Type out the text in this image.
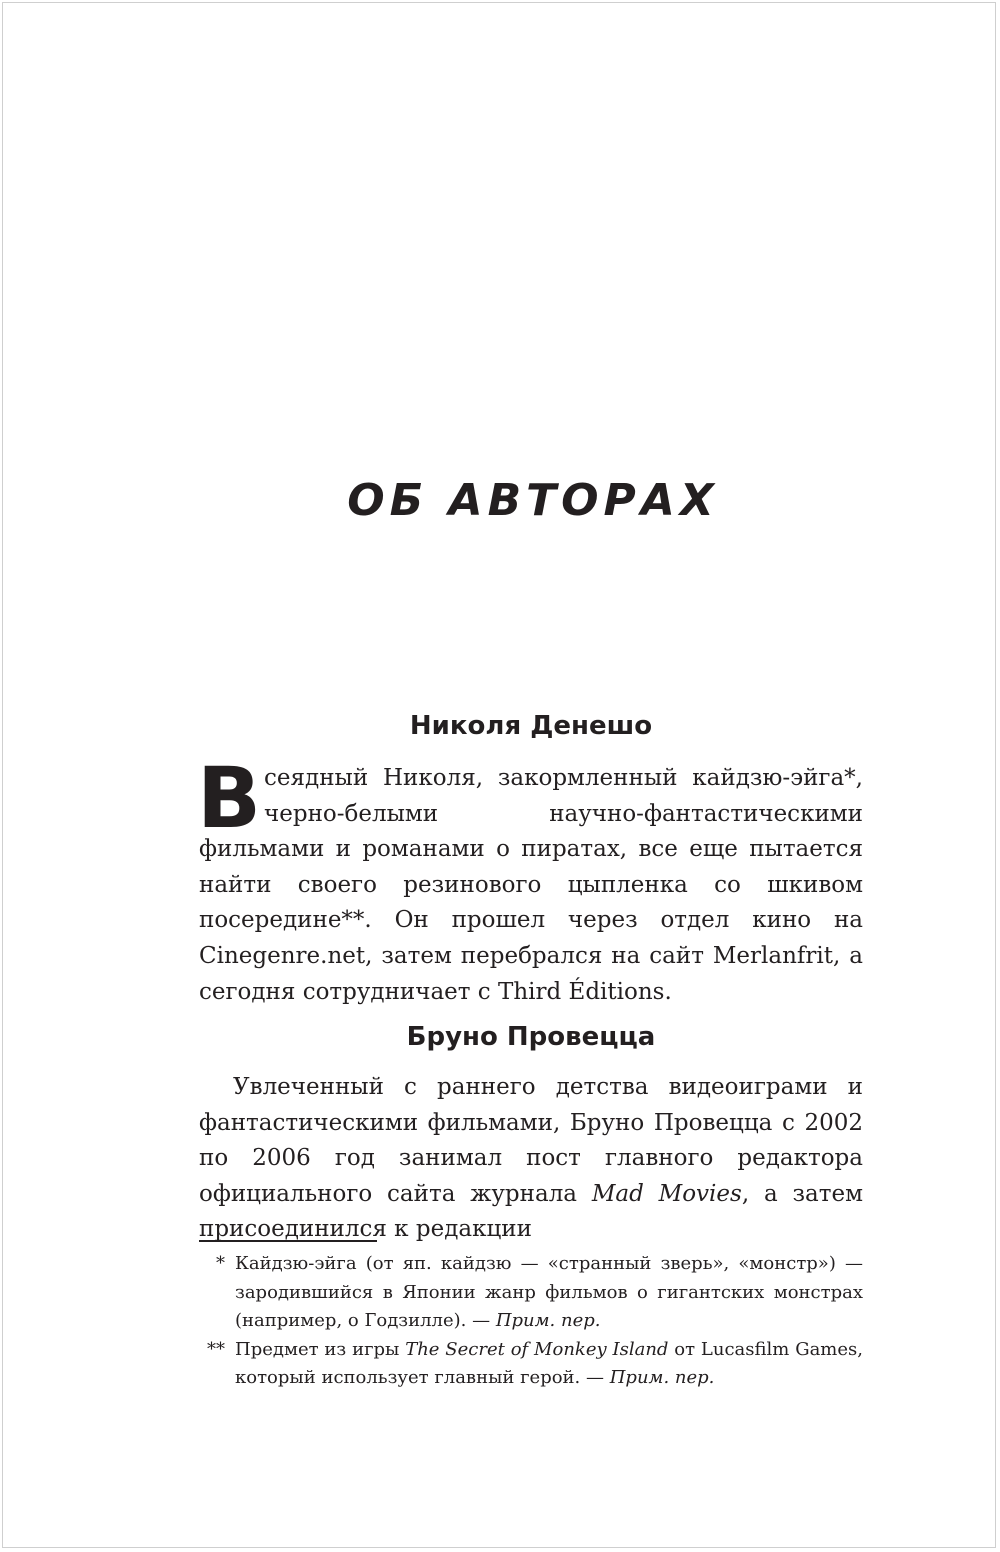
ОБ АВТОРАХ
Николя Денешо

Всеядный Николя, закормленный кайдзю-эйга*, черно-белыми научно-фантастическими фильмами и романами о пиратах, все еще пытается найти своего резинового цыпленка со шкивом посередине**. Он прошел через отдел кино на Cinegenre.net, затем перебрался на сайт Merlanfrit, а сегодня сотрудничает с Third Éditions.

Бруно Провецца

Увлеченный с раннего детства видеоиграми и фантастическими фильмами, Бруно Провецца с 2002 по 2006 год занимал пост главного редактора официального сайта журнала Mad Movies, а затем присоединился к редакции

* Кайдзю-эйга (от яп. кайдзю — «странный зверь», «монстр») — зародившийся в Японии жанр фильмов о гигантских монстрах (например, о Годзилле). — Прим. пер.
** Предмет из игры The Secret of Monkey Island от Lucasfilm Games, который использует главный герой. — Прим. пер.
